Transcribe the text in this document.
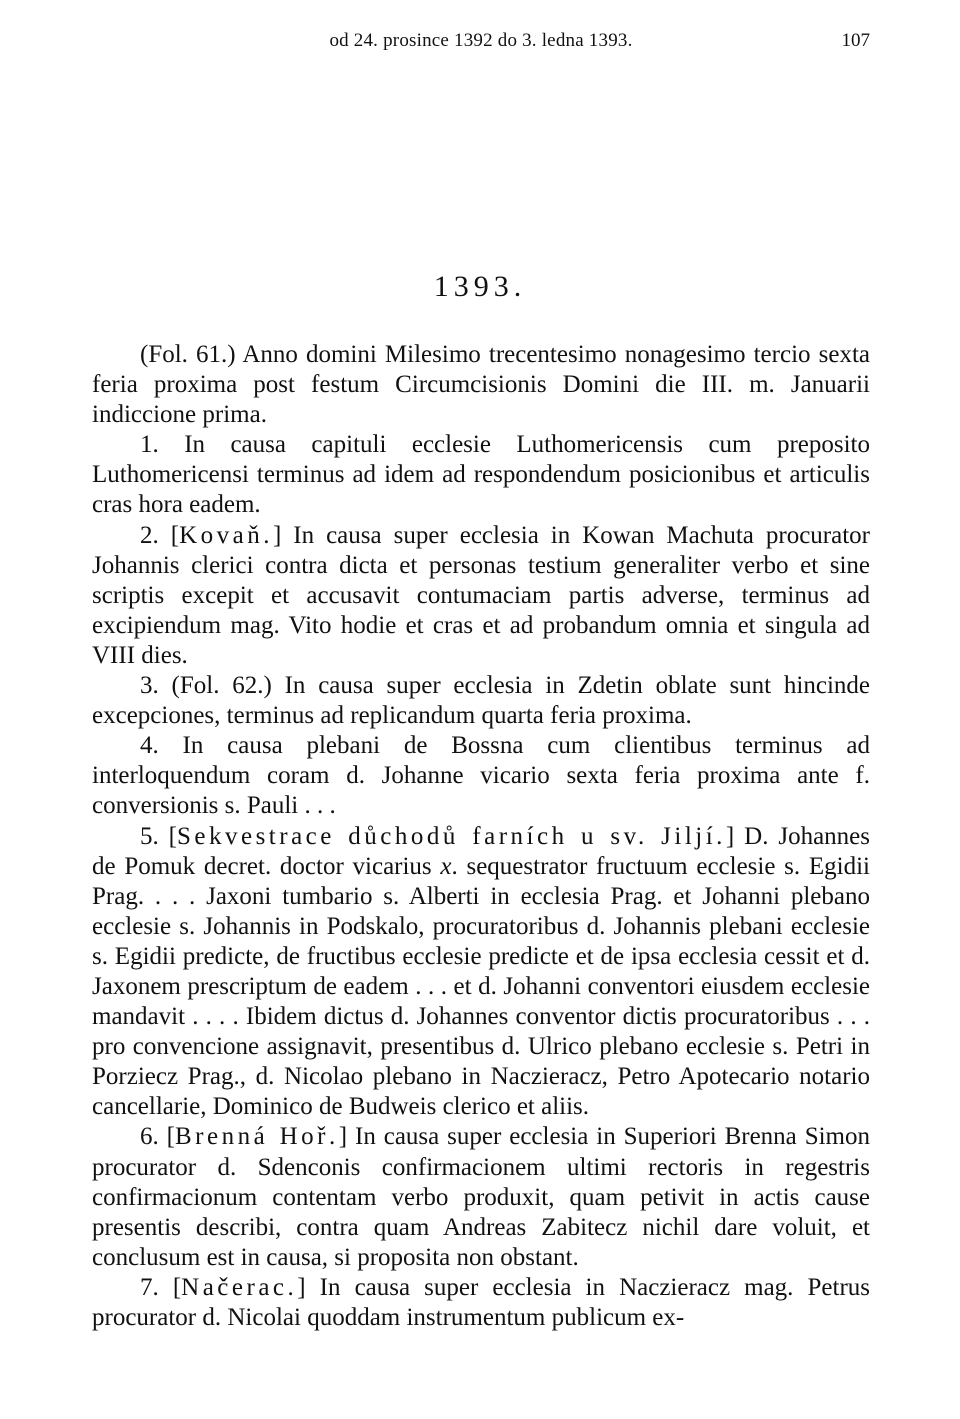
od 24. prosince 1392 do 3. ledna 1393.	107
1393.

(Fol. 61.) Anno domini Milesimo trecentesimo nonagesimo tercio sexta feria proxima post festum Circumcisionis Domini die III. m. Januarii indiccione prima.

1. In causa capituli ecclesie Luthomericensis cum preposito Luthomericensi terminus ad idem ad respondendum posicionibus et articulis cras hora eadem.

2. [Kovaň.] In causa super ecclesia in Kowan Machuta procurator Johannis clerici contra dicta et personas testium generaliter verbo et sine scriptis excepit et accusavit contumaciam partis adverse, terminus ad excipiendum mag. Vito hodie et cras et ad probandum omnia et singula ad VIII dies.

3. (Fol. 62.) In causa super ecclesia in Zdetin oblate sunt hincinde excepciones, terminus ad replicandum quarta feria proxima.

4. In causa plebani de Bossna cum clientibus terminus ad interloquendum coram d. Johanne vicario sexta feria proxima ante f. conversionis s. Pauli . . .

5. [Sekvestrace důchodů farních u sv. Jiljí.] D. Johannes de Pomuk decret. doctor vicarius x. sequestrator fructuum ecclesie s. Egidii Prag. . . . Jaxoni tumbario s. Alberti in ecclesia Prag. et Johanni plebano ecclesie s. Johannis in Podskalo, procuratoribus d. Johannis plebani ecclesie s. Egidii predicte, de fructibus ecclesie predicte et de ipsa ecclesia cessit et d. Jaxonem prescriptum de eadem . . . et d. Johanni conventori eiusdem ecclesie mandavit . . . . Ibidem dictus d. Johannes conventor dictis procuratoribus . . . pro convencione assignavit, presentibus d. Ulrico plebano ecclesie s. Petri in Porziecz Prag., d. Nicolao plebano in Naczieracz, Petro Apotecario notario cancellarie, Dominico de Budweis clerico et aliis.

6. [Brenná Hoř.] In causa super ecclesia in Superiori Brenna Simon procurator d. Sdenconis confirmacionem ultimi rectoris in regestris confirmacionum contentam verbo produxit, quam petivit in actis cause presentis describi, contra quam Andreas Zabitecz nichil dare voluit, et conclusum est in causa, si proposita non obstant.

7. [Načerac.] In causa super ecclesia in Naczieracz mag. Petrus procurator d. Nicolai quoddam instrumentum publicum ex-
